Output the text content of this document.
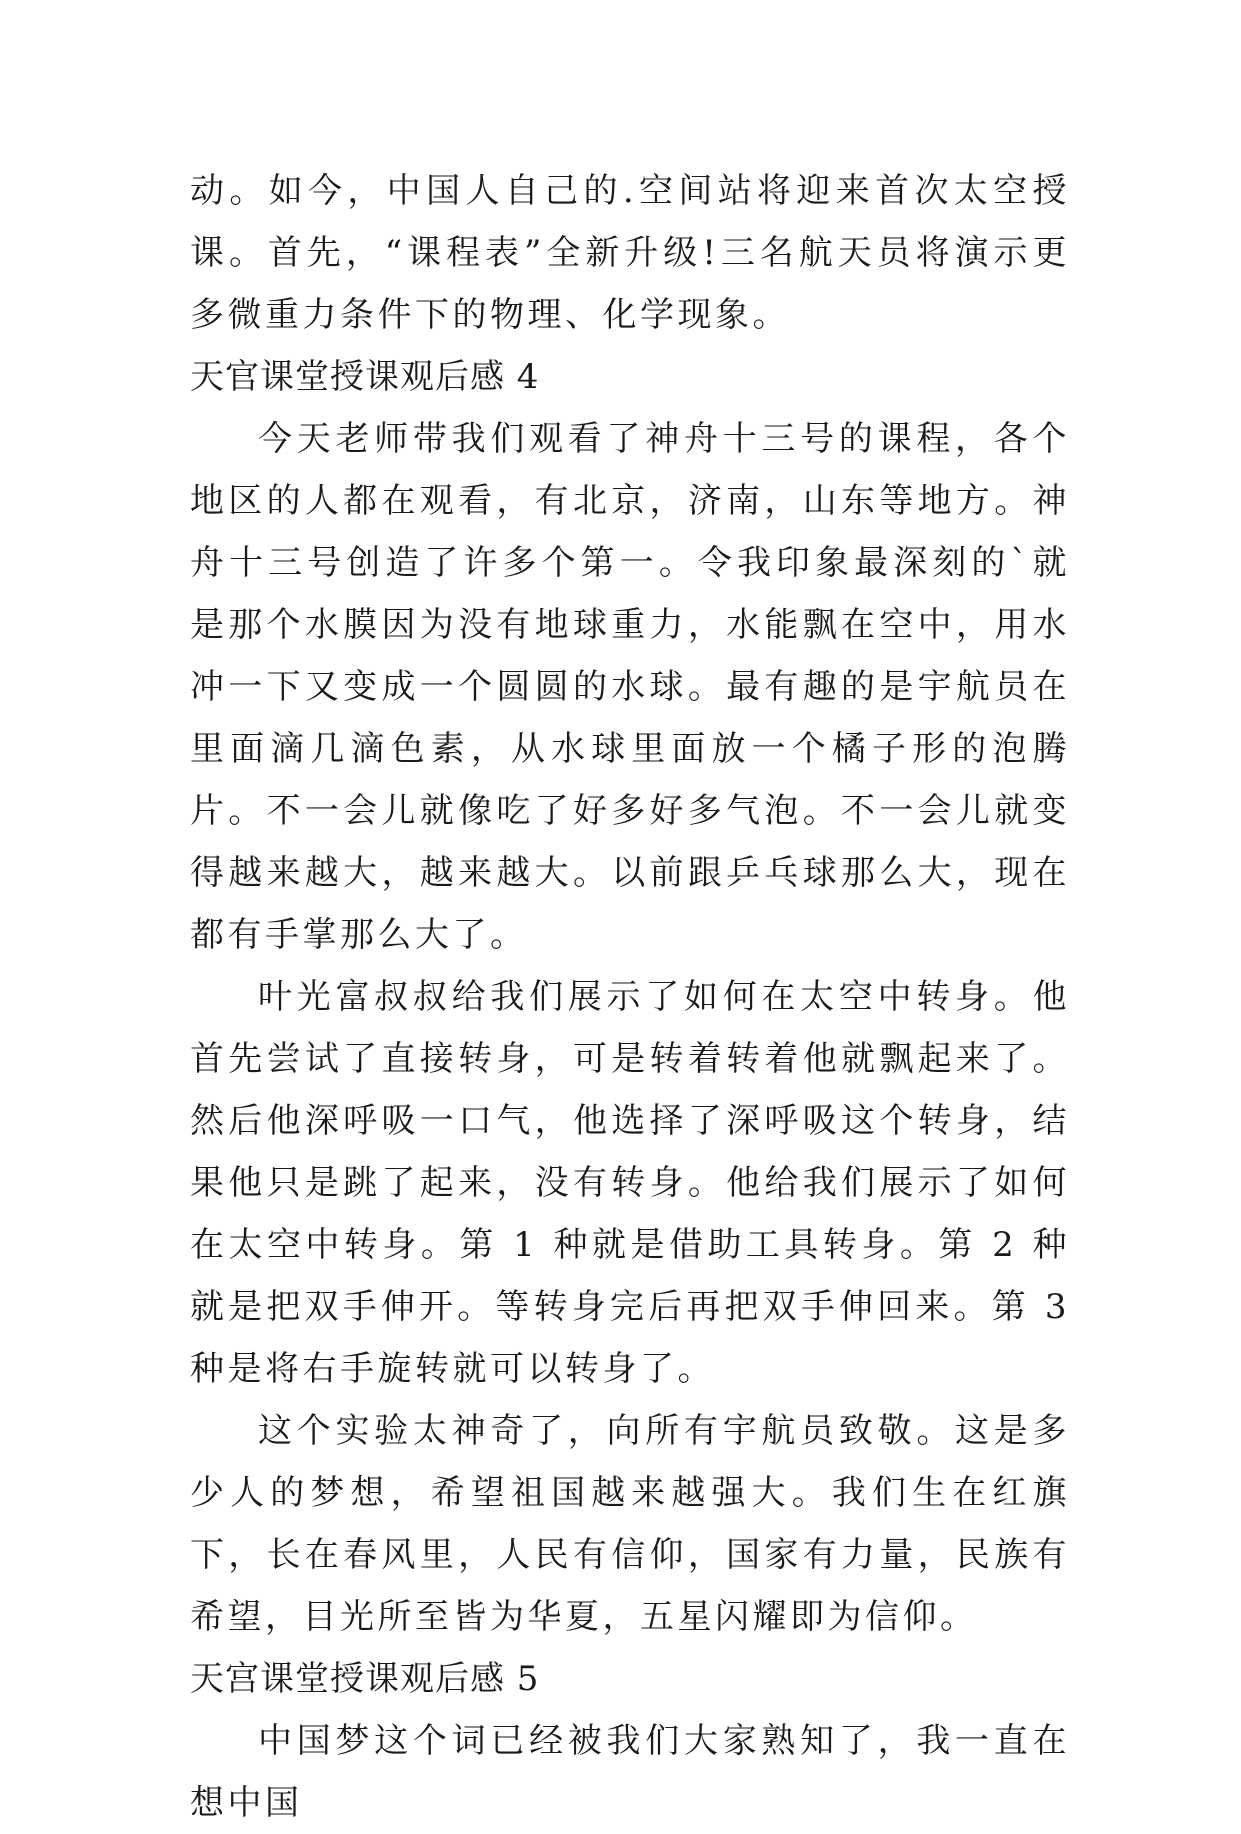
动。如今，中国人自己的.空间站将迎来首次太空授课。首先，“课程表”全新升级!三名航天员将演示更多微重力条件下的物理、化学现象。

天官课堂授课观后感 4

今天老师带我们观看了神舟十三号的课程，各个地区的人都在观看，有北京，济南，山东等地方。神舟十三号创造了许多个第一。令我印象最深刻的`就是那个水膜因为没有地球重力，水能飘在空中，用水冲一下又变成一个圆圆的水球。最有趣的是宇航员在里面滴几滴色素，从水球里面放一个橘子形的泡腾片。不一会儿就像吃了好多好多气泡。不一会儿就变得越来越大，越来越大。以前跟乒乓球那么大，现在都有手掌那么大了。

叶光富叔叔给我们展示了如何在太空中转身。他首先尝试了直接转身，可是转着转着他就飘起来了。然后他深呼吸一口气，他选择了深呼吸这个转身，结果他只是跳了起来，没有转身。他给我们展示了如何在太空中转身。第 1 种就是借助工具转身。第 2 种就是把双手伸开。等转身完后再把双手伸回来。第 3 种是将右手旋转就可以转身了。

这个实验太神奇了，向所有宇航员致敬。这是多少人的梦想，希望祖国越来越强大。我们生在红旗下，长在春风里，人民有信仰，国家有力量，民族有希望，目光所至皆为华夏，五星闪耀即为信仰。

天宫课堂授课观后感 5

中国梦这个词已经被我们大家熟知了，我一直在想中国
